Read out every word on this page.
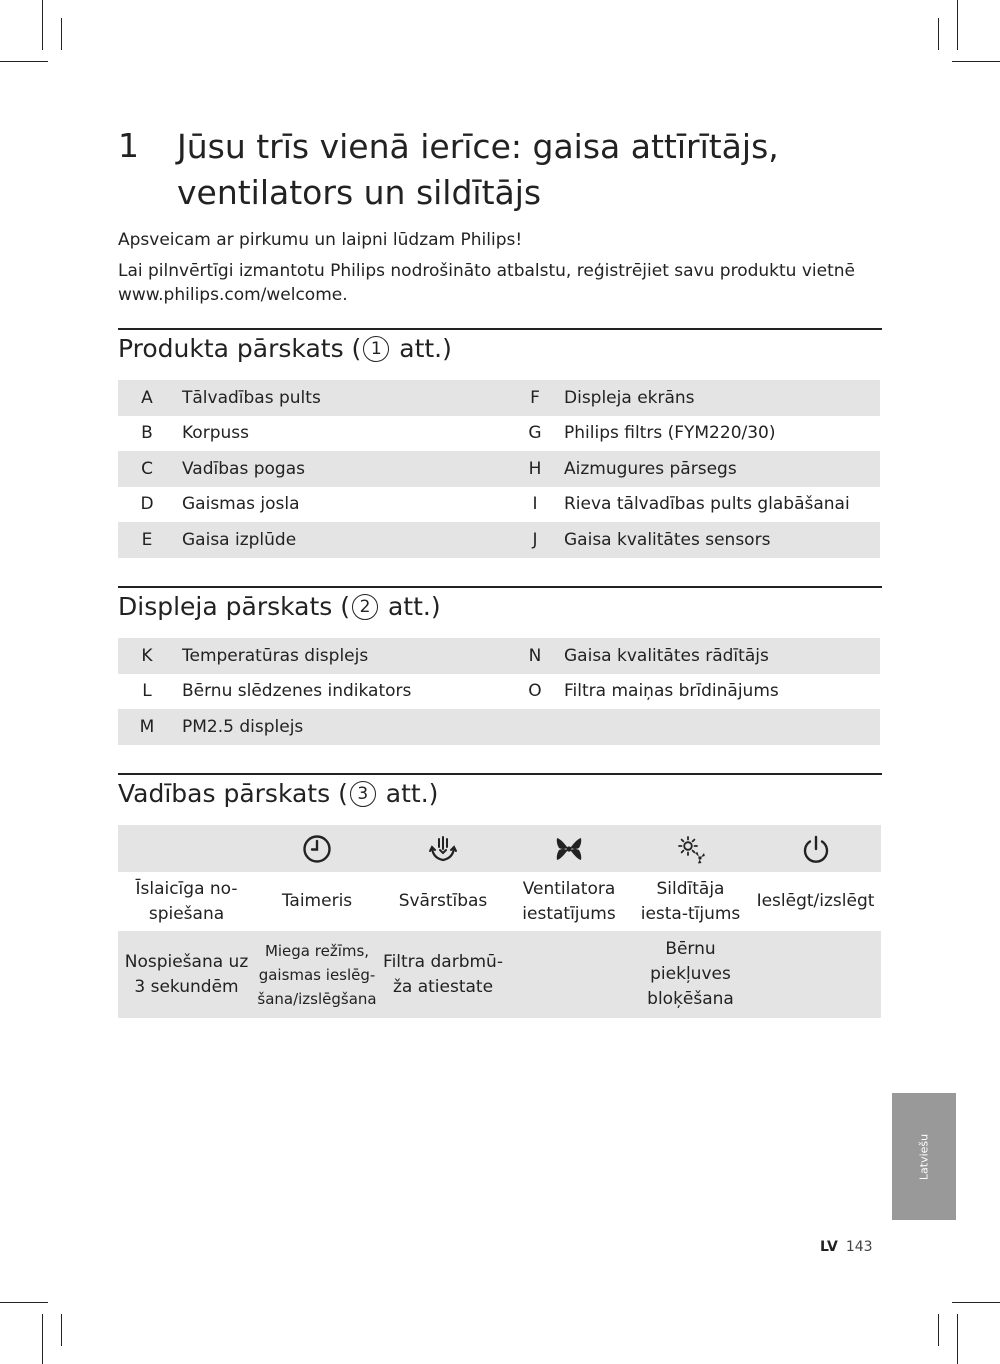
1 Jūsu trīs vienā ierīce: gaisa attīrītājs, ventilators un sildītājs

Apsveicam ar pirkumu un laipni lūdzam Philips!

Lai pilnvērtīgi izmantotu Philips nodrošināto atbalstu, reģistrējiet savu produktu vietnē www.philips.com/welcome.

Produkta pārskats ( 1 att.)
A	Tālvadības pults	F	Displeja ekrāns
B	Korpuss	G	Philips filtrs (FYM220/30)
C	Vadības pogas	H	Aizmugures pārsegs
D	Gaismas josla	I	Rieva tālvadības pults glabāšanai
E	Gaisa izplūde	J	Gaisa kvalitātes sensors
Displeja pārskats ( 2 att.)
K	Temperatūras displejs	N	Gaisa kvalitātes rādītājs
L	Bērnu slēdzenes indikators	O	Filtra maiņas brīdinājums
M	PM2.5 displejs		
Vadības pārskats ( 3 att.)

Īslaicīga no-spiešana	Taimeris	Svārstības	Ventilatora iestatījums	Sildītāja iesta-tījums	Ieslēgt/izslēgt
Nospiešana uz 3 sekundēm	Miega režīms, gaismas ieslēg-šana/izslēgšana	Filtra darbmū-ža atiestate		Bērnu piekļuves bloķēšana	
Latviešu
LV 143
